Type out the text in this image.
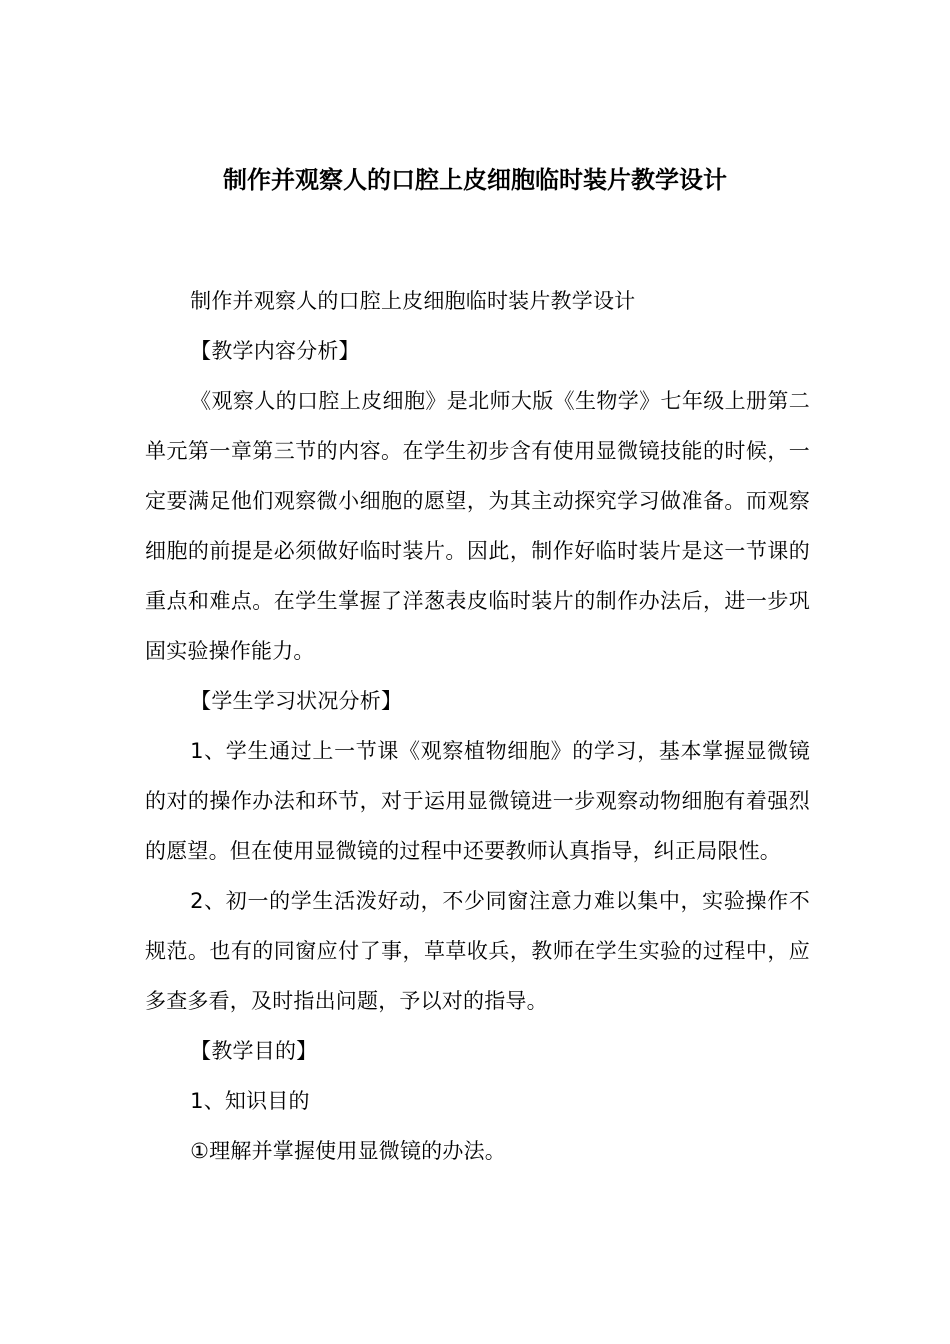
制作并观察人的口腔上皮细胞临时装片教学设计

制作并观察人的口腔上皮细胞临时装片教学设计

【教学内容分析】

《观察人的口腔上皮细胞》是北师大版《生物学》七年级上册第二单元第一章第三节的内容。在学生初步含有使用显微镜技能的时候，一定要满足他们观察微小细胞的愿望，为其主动探究学习做准备。而观察细胞的前提是必须做好临时装片。因此，制作好临时装片是这一节课的重点和难点。在学生掌握了洋葱表皮临时装片的制作办法后，进一步巩固实验操作能力。

【学生学习状况分析】

1、学生通过上一节课《观察植物细胞》的学习，基本掌握显微镜的对的操作办法和环节，对于运用显微镜进一步观察动物细胞有着强烈的愿望。但在使用显微镜的过程中还要教师认真指导，纠正局限性。

2、初一的学生活泼好动，不少同窗注意力难以集中，实验操作不规范。也有的同窗应付了事，草草收兵，教师在学生实验的过程中，应多查多看，及时指出问题，予以对的指导。

【教学目的】

1、知识目的

①理解并掌握使用显微镜的办法。
